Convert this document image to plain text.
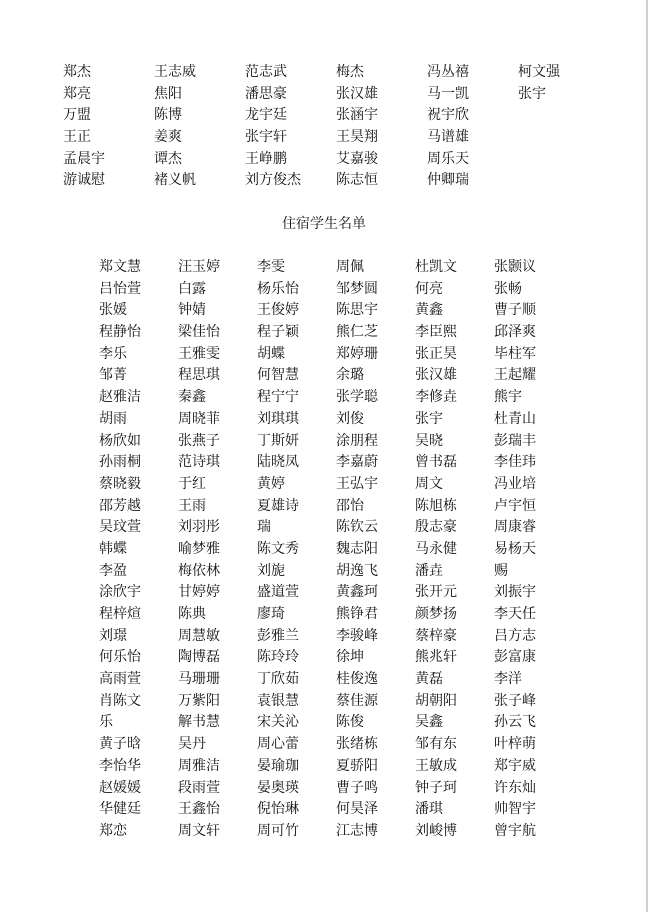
郑杰	王志威	范志武	梅杰	冯丛禧	柯文强
郑亮	焦阳	潘思豪	张汉雄	马一凯	张宇
万盟	陈博	龙宇廷	张涵宇	祝宇欣
王正	姜爽	张宇轩	王昊翔	马谱雄
孟晨宇	谭杰	王峥鹏	艾嘉骏	周乐天
游诚慰	褚义帆	刘方俊杰	陈志恒	仲卿瑞
住宿学生名单
郑文慧	汪玉婷	李雯	周佩	杜凯文	张颢议
吕怡萱	白露	杨乐怡	邹梦圆	何亮	张畅
张媛	钟婧	王俊婷	陈思宇	黄鑫	曹子顺
程静怡	梁佳怡	程子颖	熊仁芝	李臣熙	邱泽爽
李乐	王雅雯	胡蝶	郑婷珊	张正昊	毕柱军
邹菁	程思琪	何智慧	余璐	张汉雄	王起耀
赵雅洁	秦鑫	程宁宁	张学聪	李修垚	熊宇
胡雨	周晓菲	刘琪琪	刘俊	张宇	杜青山
杨欣如	张燕子	丁斯妍	涂朋程	吴晓	彭瑞丰
孙雨桐	范诗琪	陆晓凤	李嘉蔚	曾书磊	李佳玮
蔡晓毅	于红	黄婷	王弘宇	周文	冯业培
邵芳越	王雨	夏雄诗	邵怡	陈旭栋	卢宇恒
吴玟萱	刘羽彤	瑞	陈钦云	殷志豪	周康睿
韩蝶	喻梦雅	陈文秀	魏志阳	马永健	易杨天
李盈	梅依林	刘旎	胡逸飞	潘垚	赐
涂欣宇	甘婷婷	盛道萱	黄鑫珂	张开元	刘振宇
程梓煊	陈典	廖琦	熊铮君	颜梦扬	李天任
刘璟	周慧敏	彭雅兰	李骏峰	蔡梓豪	吕方志
何乐怡	陶博磊	陈玲玲	徐坤	熊兆轩	彭富康
高雨萱	马珊珊	丁欣茹	桂俊逸	黄磊	李洋
肖陈文	万紫阳	袁银慧	蔡佳源	胡朝阳	张子峰
乐	解书慧	宋关沁	陈俊	吴鑫	孙云飞
黄子晗	吴丹	周心蕾	张绪栋	邹有东	叶梓萌
李怡华	周雅洁	晏瑜珈	夏骄阳	王敏成	郑宇威
赵媛媛	段雨萱	晏奥瑛	曹子鸣	钟子珂	许东灿
华健廷	王鑫怡	倪怡琳	何昊泽	潘琪	帅智宇
郑恋	周文轩	周可竹	江志博	刘峻博	曾宇航
